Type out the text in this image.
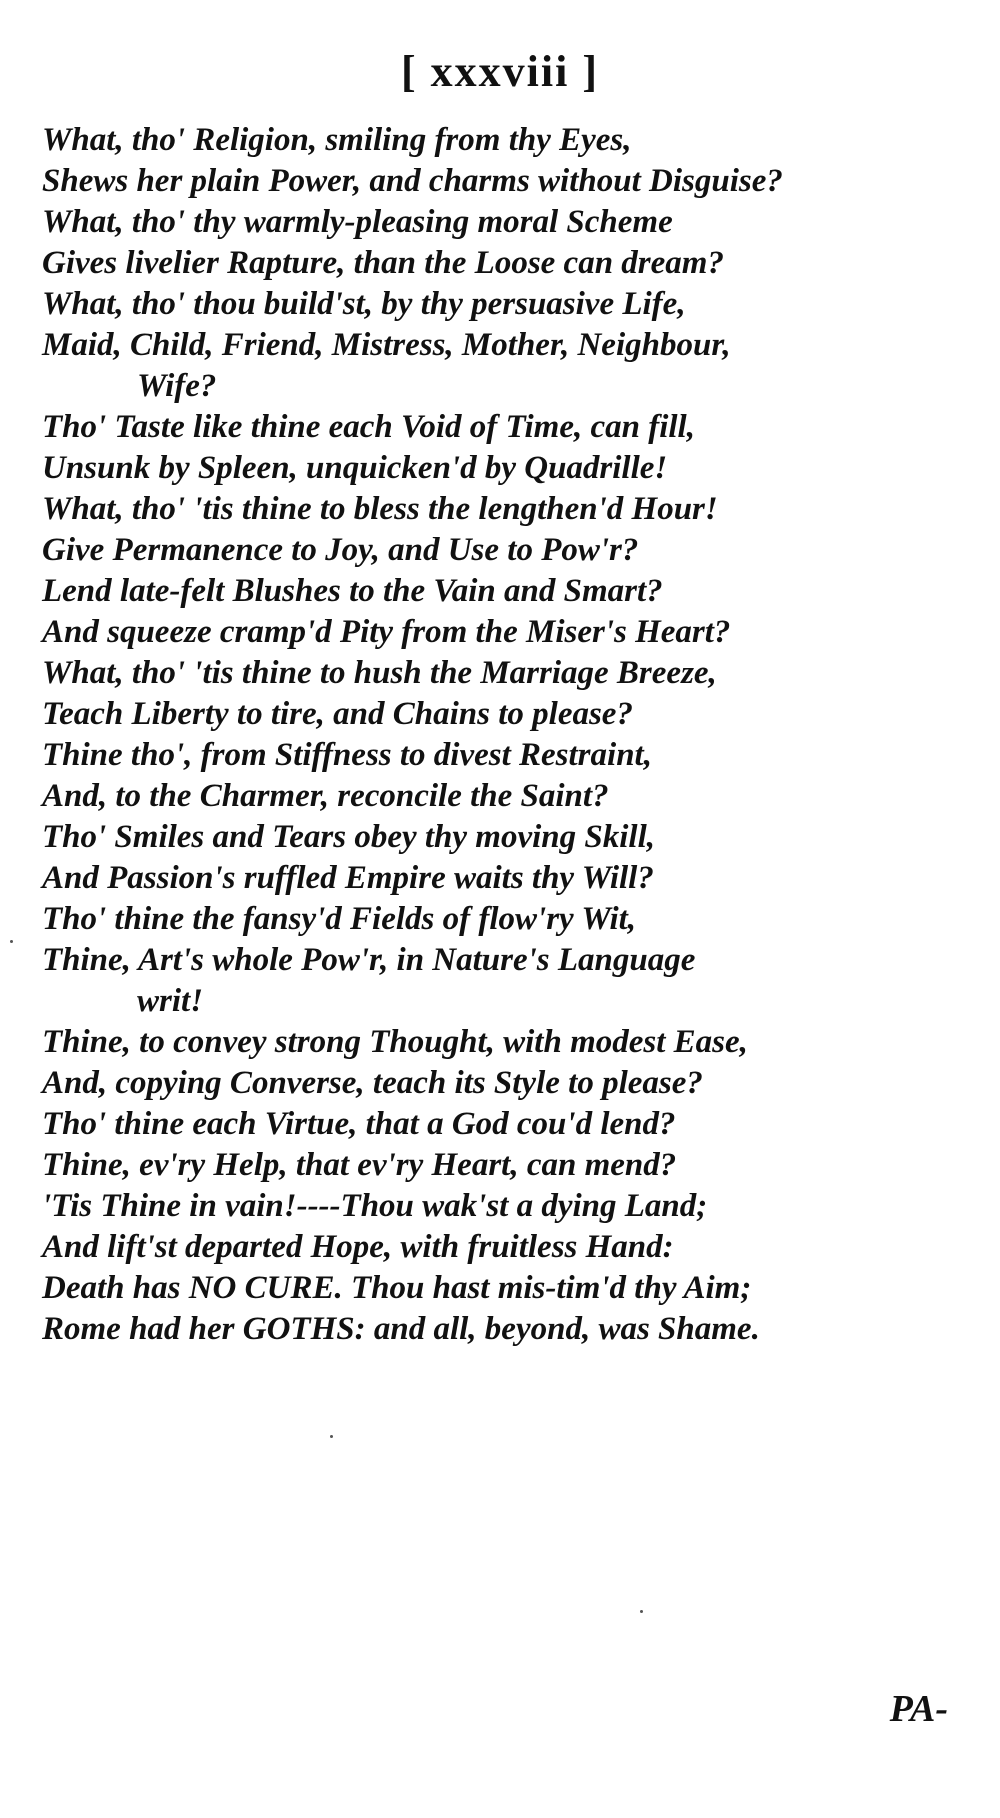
[ xxxviii ]
What, tho' Religion, smiling from thy Eyes,
Shews her plain Power, and charms without Disguise?
What, tho' thy warmly-pleasing moral Scheme
Gives livelier Rapture, than the Loose can dream?
What, tho' thou build'st, by thy persuasive Life,
Maid, Child, Friend, Mistress, Mother, Neighbour,
Wife?
Tho' Taste like thine each Void of Time, can fill,
Unsunk by Spleen, unquicken'd by Quadrille!
What, tho' 'tis thine to bless the lengthen'd Hour!
Give Permanence to Joy, and Use to Pow'r?
Lend late-felt Blushes to the Vain and Smart?
And squeeze cramp'd Pity from the Miser's Heart?
What, tho' 'tis thine to hush the Marriage Breeze,
Teach Liberty to tire, and Chains to please?
Thine tho', from Stiffness to divest Restraint,
And, to the Charmer, reconcile the Saint?
Tho' Smiles and Tears obey thy moving Skill,
And Passion's ruffled Empire waits thy Will?
Tho' thine the fansy'd Fields of flow'ry Wit,
Thine, Art's whole Pow'r, in Nature's Language
writ!
Thine, to convey strong Thought, with modest Ease,
And, copying Converse, teach its Style to please?
Tho' thine each Virtue, that a God cou'd lend?
Thine, ev'ry Help, that ev'ry Heart, can mend?
'Tis Thine in vain!----Thou wak'st a dying Land;
And lift'st departed Hope, with fruitless Hand:
Death has NO CURE. Thou hast mis-tim'd thy Aim;
Rome had her GOTHS: and all, beyond, was Shame.
PA-
